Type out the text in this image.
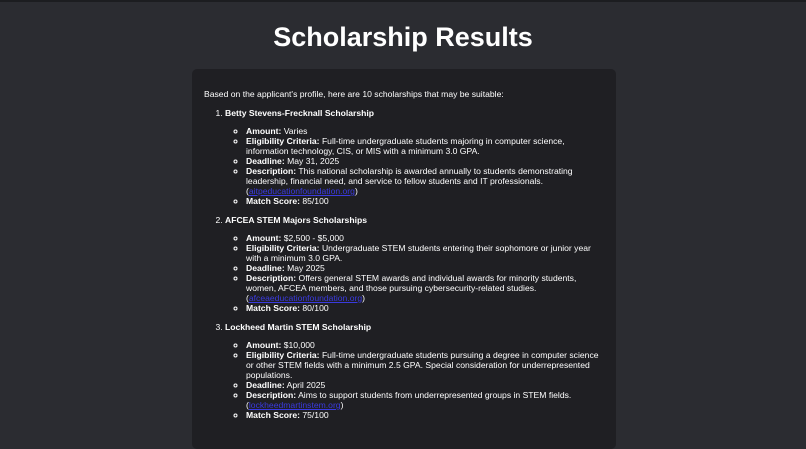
Scholarship Results

Based on the applicant's profile, here are 10 scholarships that may be suitable:

1. Betty Stevens-Frecknall Scholarship
◦ Amount: Varies
◦ Eligibility Criteria: Full-time undergraduate students majoring in computer science, information technology, CIS, or MIS with a minimum 3.0 GPA.
◦ Deadline: May 31, 2025
◦ Description: This national scholarship is awarded annually to students demonstrating leadership, financial need, and service to fellow students and IT professionals.
(aitpeducationfoundation.org)
◦ Match Score: 85/100
2. AFCEA STEM Majors Scholarships
◦ Amount: $2,500 - $5,000
◦ Eligibility Criteria: Undergraduate STEM students entering their sophomore or junior year with a minimum 3.0 GPA.
◦ Deadline: May 2025
◦ Description: Offers general STEM awards and individual awards for minority students, women, AFCEA members, and those pursuing cybersecurity-related studies.
(afceaeducationfoundation.org)
◦ Match Score: 80/100
3. Lockheed Martin STEM Scholarship
◦ Amount: $10,000
◦ Eligibility Criteria: Full-time undergraduate students pursuing a degree in computer science or other STEM fields with a minimum 2.5 GPA. Special consideration for underrepresented populations.
◦ Deadline: April 2025
◦ Description: Aims to support students from underrepresented groups in STEM fields.
(lockheedmartinstem.org)
◦ Match Score: 75/100
